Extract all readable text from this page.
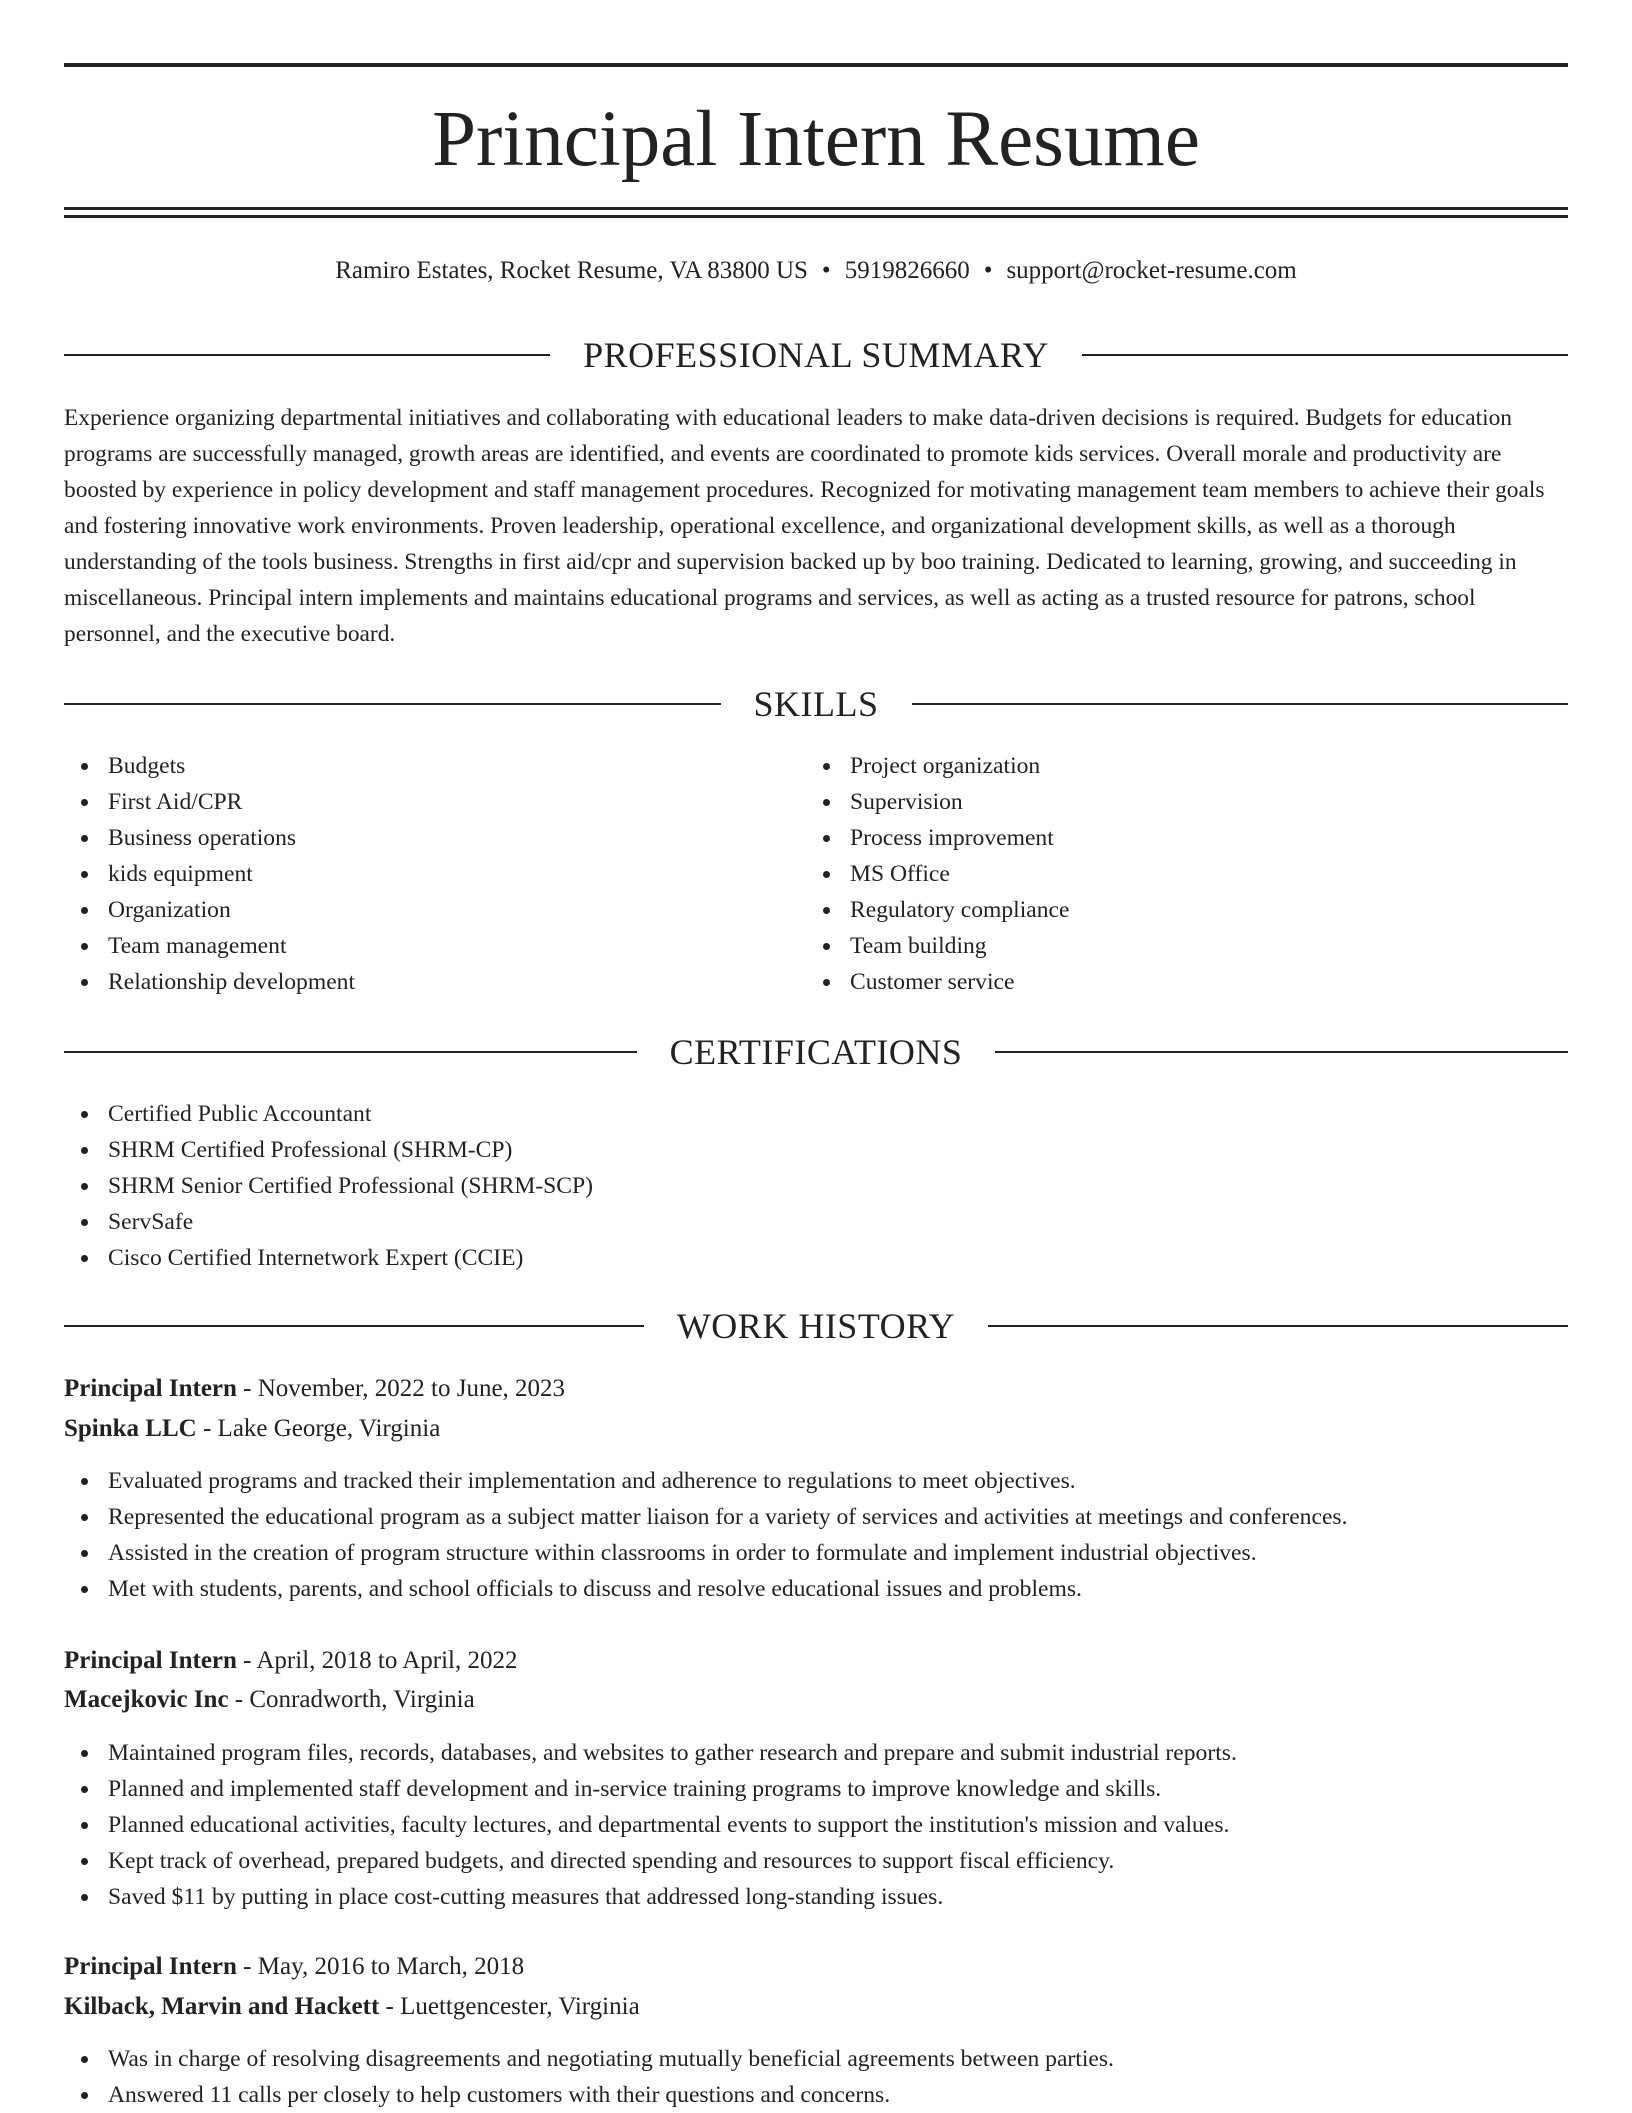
Principal Intern Resume
Ramiro Estates, Rocket Resume, VA 83800 US • 5919826660 • support@rocket-resume.com
PROFESSIONAL SUMMARY

Experience organizing departmental initiatives and collaborating with educational leaders to make data-driven decisions is required. Budgets for education programs are successfully managed, growth areas are identified, and events are coordinated to promote kids services. Overall morale and productivity are boosted by experience in policy development and staff management procedures. Recognized for motivating management team members to achieve their goals and fostering innovative work environments. Proven leadership, operational excellence, and organizational development skills, as well as a thorough understanding of the tools business. Strengths in first aid/cpr and supervision backed up by boo training. Dedicated to learning, growing, and succeeding in miscellaneous. Principal intern implements and maintains educational programs and services, as well as acting as a trusted resource for patrons, school personnel, and the executive board.

SKILLS
Budgets
First Aid/CPR
Business operations
kids equipment
Organization
Team management
Relationship development
Project organization
Supervision
Process improvement
MS Office
Regulatory compliance
Team building
Customer service
CERTIFICATIONS
Certified Public Accountant
SHRM Certified Professional (SHRM-CP)
SHRM Senior Certified Professional (SHRM-SCP)
ServSafe
Cisco Certified Internetwork Expert (CCIE)
WORK HISTORY
Principal Intern - November, 2022 to June, 2023
Spinka LLC - Lake George, Virginia
Evaluated programs and tracked their implementation and adherence to regulations to meet objectives.
Represented the educational program as a subject matter liaison for a variety of services and activities at meetings and conferences.
Assisted in the creation of program structure within classrooms in order to formulate and implement industrial objectives.
Met with students, parents, and school officials to discuss and resolve educational issues and problems.
Principal Intern - April, 2018 to April, 2022
Macejkovic Inc - Conradworth, Virginia
Maintained program files, records, databases, and websites to gather research and prepare and submit industrial reports.
Planned and implemented staff development and in-service training programs to improve knowledge and skills.
Planned educational activities, faculty lectures, and departmental events to support the institution's mission and values.
Kept track of overhead, prepared budgets, and directed spending and resources to support fiscal efficiency.
Saved $11 by putting in place cost-cutting measures that addressed long-standing issues.
Principal Intern - May, 2016 to March, 2018
Kilback, Marvin and Hackett - Luettgencester, Virginia
Was in charge of resolving disagreements and negotiating mutually beneficial agreements between parties.
Answered 11 calls per closely to help customers with their questions and concerns.
